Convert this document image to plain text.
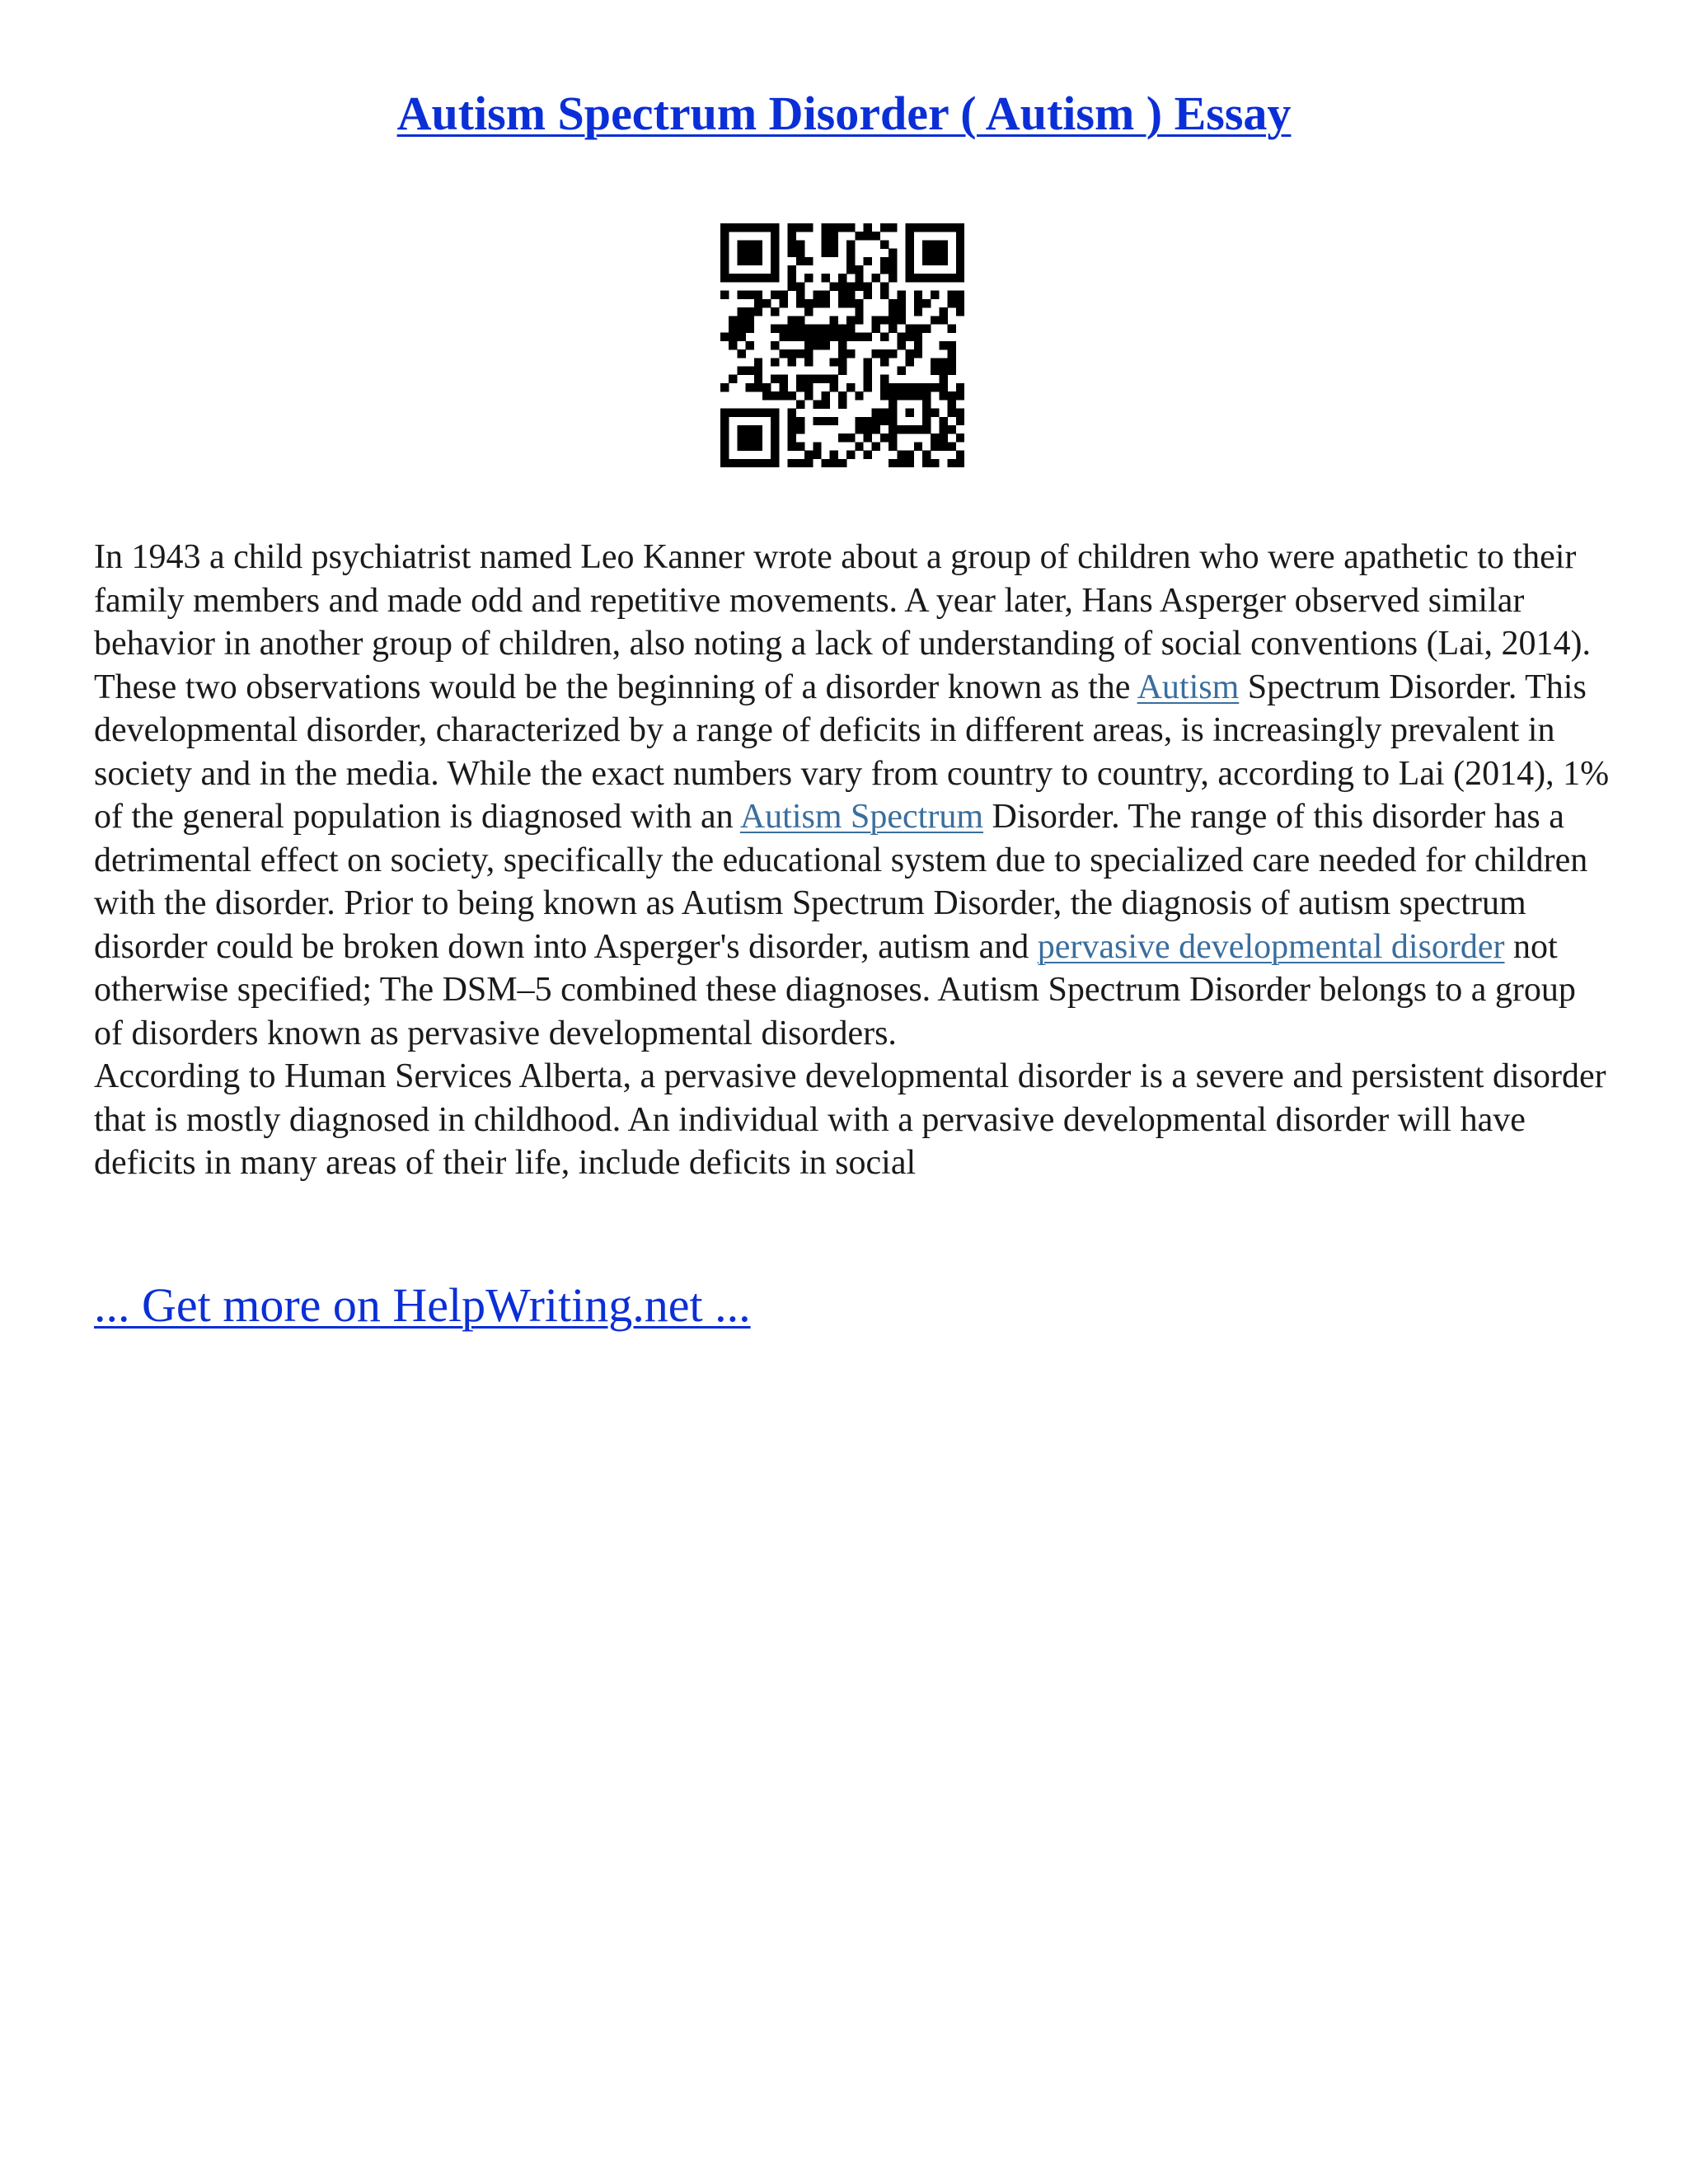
Autism Spectrum Disorder ( Autism ) Essay

In 1943 a child psychiatrist named Leo Kanner wrote about a group of children who were apathetic to their family members and made odd and repetitive movements. A year later, Hans Asperger observed similar behavior in another group of children, also noting a lack of understanding of social conventions (Lai, 2014). These two observations would be the beginning of a disorder known as the Autism Spectrum Disorder. This developmental disorder, characterized by a range of deficits in different areas, is increasingly prevalent in society and in the media. While the exact numbers vary from country to country, according to Lai (2014), 1% of the general population is diagnosed with an Autism Spectrum Disorder. The range of this disorder has a detrimental effect on society, specifically the educational system due to specialized care needed for children with the disorder. Prior to being known as Autism Spectrum Disorder, the diagnosis of autism spectrum disorder could be broken down into Asperger's disorder, autism and pervasive developmental disorder not otherwise specified; The DSM–5 combined these diagnoses. Autism Spectrum Disorder belongs to a group of disorders known as pervasive developmental disorders.
According to Human Services Alberta, a pervasive developmental disorder is a severe and persistent disorder that is mostly diagnosed in childhood. An individual with a pervasive developmental disorder will have deficits in many areas of their life, include deficits in social

... Get more on HelpWriting.net ...
